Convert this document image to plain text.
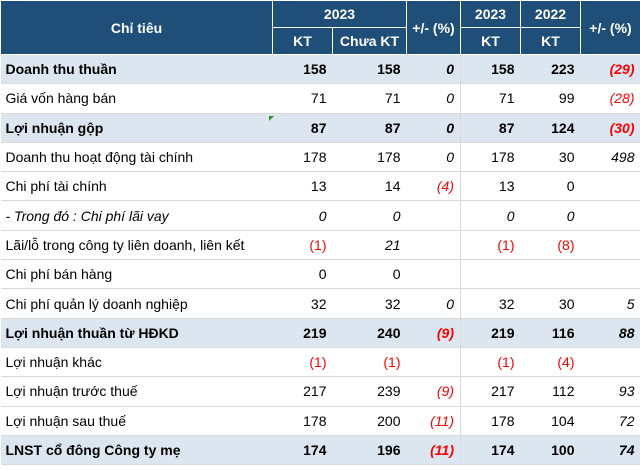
Chỉ tiêu	2023		+/- (%)	2023	2022	+/- (%)
	KT	Chưa KT		KT	KT	
Doanh thu thuần	158	158	0	158	223	(29)
Giá vốn hàng bán	71	71	0	71	99	(28)
Lợi nhuận gộp	87	87	0	87	124	(30)
Doanh thu hoạt động tài chính	178	178	0	178	30	498
Chi phí tài chính	13	14	(4)	13	0	
- Trong đó : Chi phí lãi vay	0	0		0	0	
Lãi/lỗ trong công ty liên doanh, liên kết	(1)	21		(1)	(8)	
Chi phí bán hàng	0	0				
Chi phí quản lý doanh nghiệp	32	32	0	32	30	5
Lợi nhuận thuần từ HĐKD	219	240	(9)	219	116	88
Lợi nhuận khác	(1)	(1)		(1)	(4)	
Lợi nhuận trước thuế	217	239	(9)	217	112	93
Lợi nhuận sau thuế	178	200	(11)	178	104	72
LNST cổ đông Công ty mẹ	174	196	(11)	174	100	74
